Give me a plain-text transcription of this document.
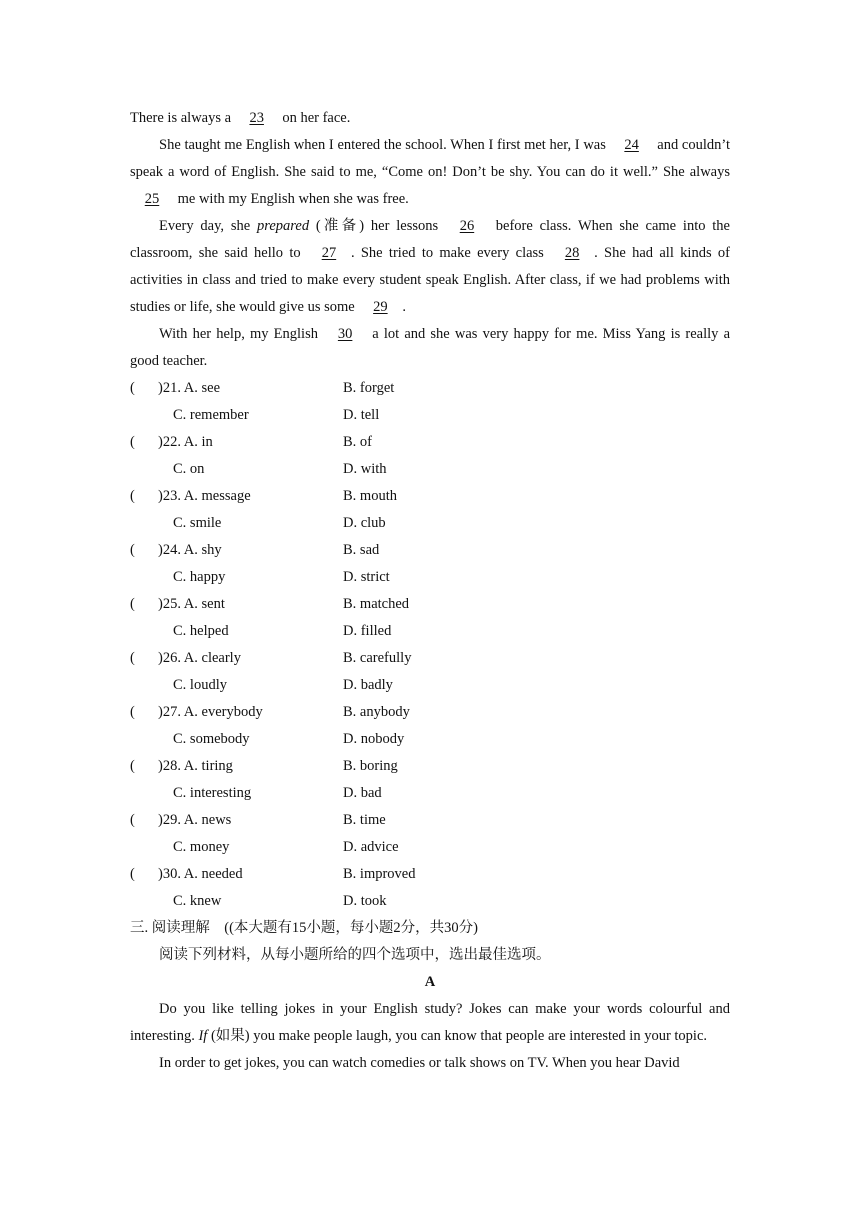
There is always a 23 on her face.

She taught me English when I entered the school. When I first met her, I was 24 and couldn’t speak a word of English. She said to me, “Come on! Don’t be shy. You can do it well.” She always 25 me with my English when she was free.

Every day, she prepared (准备) her lessons 26 before class. When she came into the classroom, she said hello to 27 . She tried to make every class 28 . She had all kinds of activities in class and tried to make every student speak English. After class, if we had problems with studies or life, she would give us some 29 .

With her help, my English 30 a lot and she was very happy for me. Miss Yang is really a good teacher.

( )21. A. see	B. forget
C. remember	D. tell
( )22. A. in	B. of
C. on	D. with
( )23. A. message	B. mouth
C. smile	D. club
( )24. A. shy	B. sad
C. happy	D. strict
( )25. A. sent	B. matched
C. helped	D. filled
( )26. A. clearly	B. carefully
C. loudly	D. badly
( )27. A. everybody	B. anybody
C. somebody	D. nobody
( )28. A. tiring	B. boring
C. interesting	D. bad
( )29. A. news	B. time
C. money	D. advice
( )30. A. needed	B. improved
C. knew	D. took

三. 阅读理解　((本大题有15小题，每小题2分，共30分)

阅读下列材料，从每小题所给的四个选项中，选出最佳选项。

A

Do you like telling jokes in your English study? Jokes can make your words colourful and interesting. If (如果) you make people laugh, you can know that people are interested in your topic.

In order to get jokes, you can watch comedies or talk shows on TV. When you hear David
